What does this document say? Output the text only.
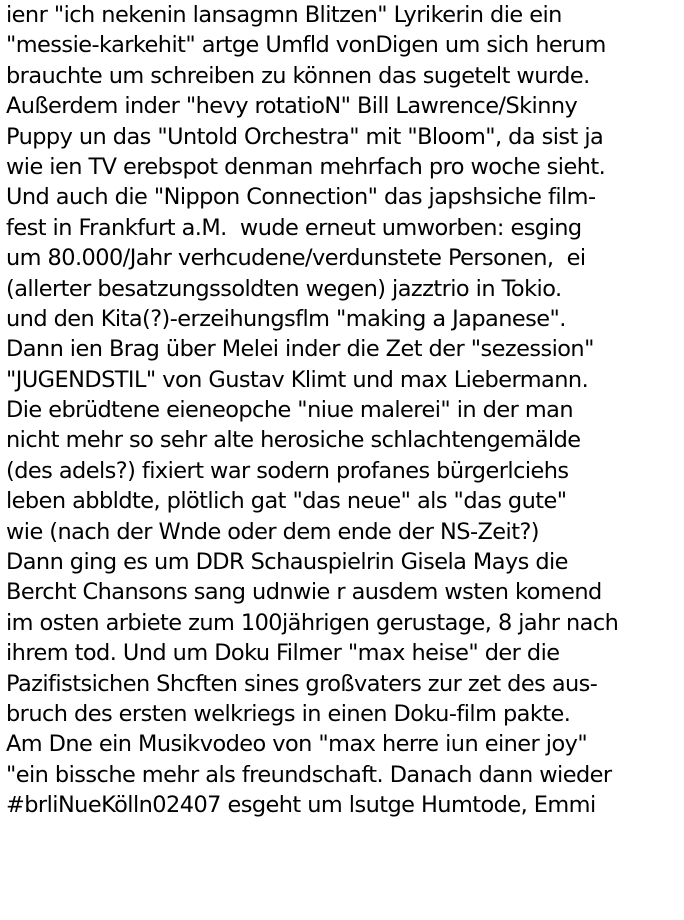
ienr "ich nekenin lansagmn Blitzen" Lyrikerin die ein
"messie-karkehit" artge Umfld vonDigen um sich herum
brauchte um schreiben zu können das sugetelt wurde.
Außerdem inder "hevy rotatioN" Bill Lawrence/Skinny
Puppy un das "Untold Orchestra" mit "Bloom", da sist ja
wie ien TV erebspot denman mehrfach pro woche sieht.
Und auch die "Nippon Connection" das japshsiche film-
fest in Frankfurt a.M.  wude erneut umworben: esging
um 80.000/Jahr verhcudene/verdunstete Personen,  ei
(allerter besatzungssoldten wegen) jazztrio in Tokio.
und den Kita(?)-erzeihungsflm "making a Japanese".
Dann ien Brag über Melei inder die Zet der "sezession"
"JUGENDSTIL" von Gustav Klimt und max Liebermann.
Die ebrüdtene eieneopche "niue malerei" in der man
nicht mehr so sehr alte herosiche schlachtengemälde
(des adels?) fixiert war sodern profanes bürgerlciehs
leben abbldte, plötlich gat "das neue" als "das gute"
wie (nach der Wnde oder dem ende der NS-Zeit?)
Dann ging es um DDR Schauspielrin Gisela Mays die
Bercht Chansons sang udnwie r ausdem wsten komend
im osten arbiete zum 100jährigen gerustage, 8 jahr nach
ihrem tod. Und um Doku Filmer "max heise" der die
Pazifistsichen Shcften sines großvaters zur zet des aus-
bruch des ersten welkriegs in einen Doku-film pakte.
Am Dne ein Musikvodeo von "max herre iun einer joy"
"ein bissche mehr als freundschaft. Danach dann wieder
#brliNueKölln02407 esgeht um lsutge Humtode, Emmi
